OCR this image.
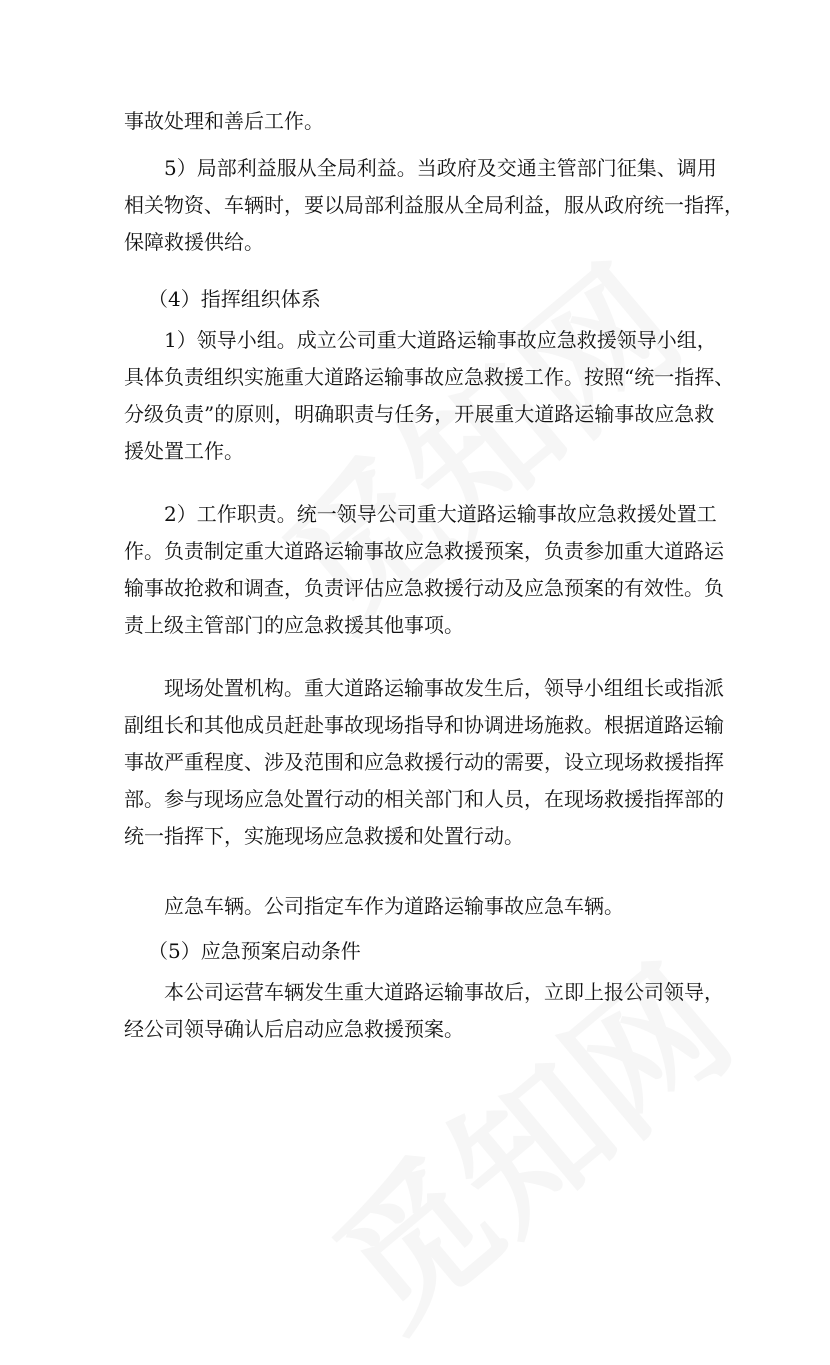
事故处理和善后工作。
5）局部利益服从全局利益。当政府及交通主管部门征集、调用
相关物资、车辆时，要以局部利益服从全局利益，服从政府统一指挥，
保障救援供给。
（4）指挥组织体系
1）领导小组。成立公司重大道路运输事故应急救援领导小组，
具体负责组织实施重大道路运输事故应急救援工作。按照“统一指挥、
分级负责”的原则，明确职责与任务，开展重大道路运输事故应急救
援处置工作。
2）工作职责。统一领导公司重大道路运输事故应急救援处置工
作。负责制定重大道路运输事故应急救援预案，负责参加重大道路运
输事故抢救和调查，负责评估应急救援行动及应急预案的有效性。负
责上级主管部门的应急救援其他事项。
现场处置机构。重大道路运输事故发生后，领导小组组长或指派
副组长和其他成员赶赴事故现场指导和协调进场施救。根据道路运输
事故严重程度、涉及范围和应急救援行动的需要，设立现场救援指挥
部。参与现场应急处置行动的相关部门和人员，在现场救援指挥部的
统一指挥下，实施现场应急救援和处置行动。
应急车辆。公司指定车作为道路运输事故应急车辆。
（5）应急预案启动条件
本公司运营车辆发生重大道路运输事故后，立即上报公司领导，
经公司领导确认后启动应急救援预案。
